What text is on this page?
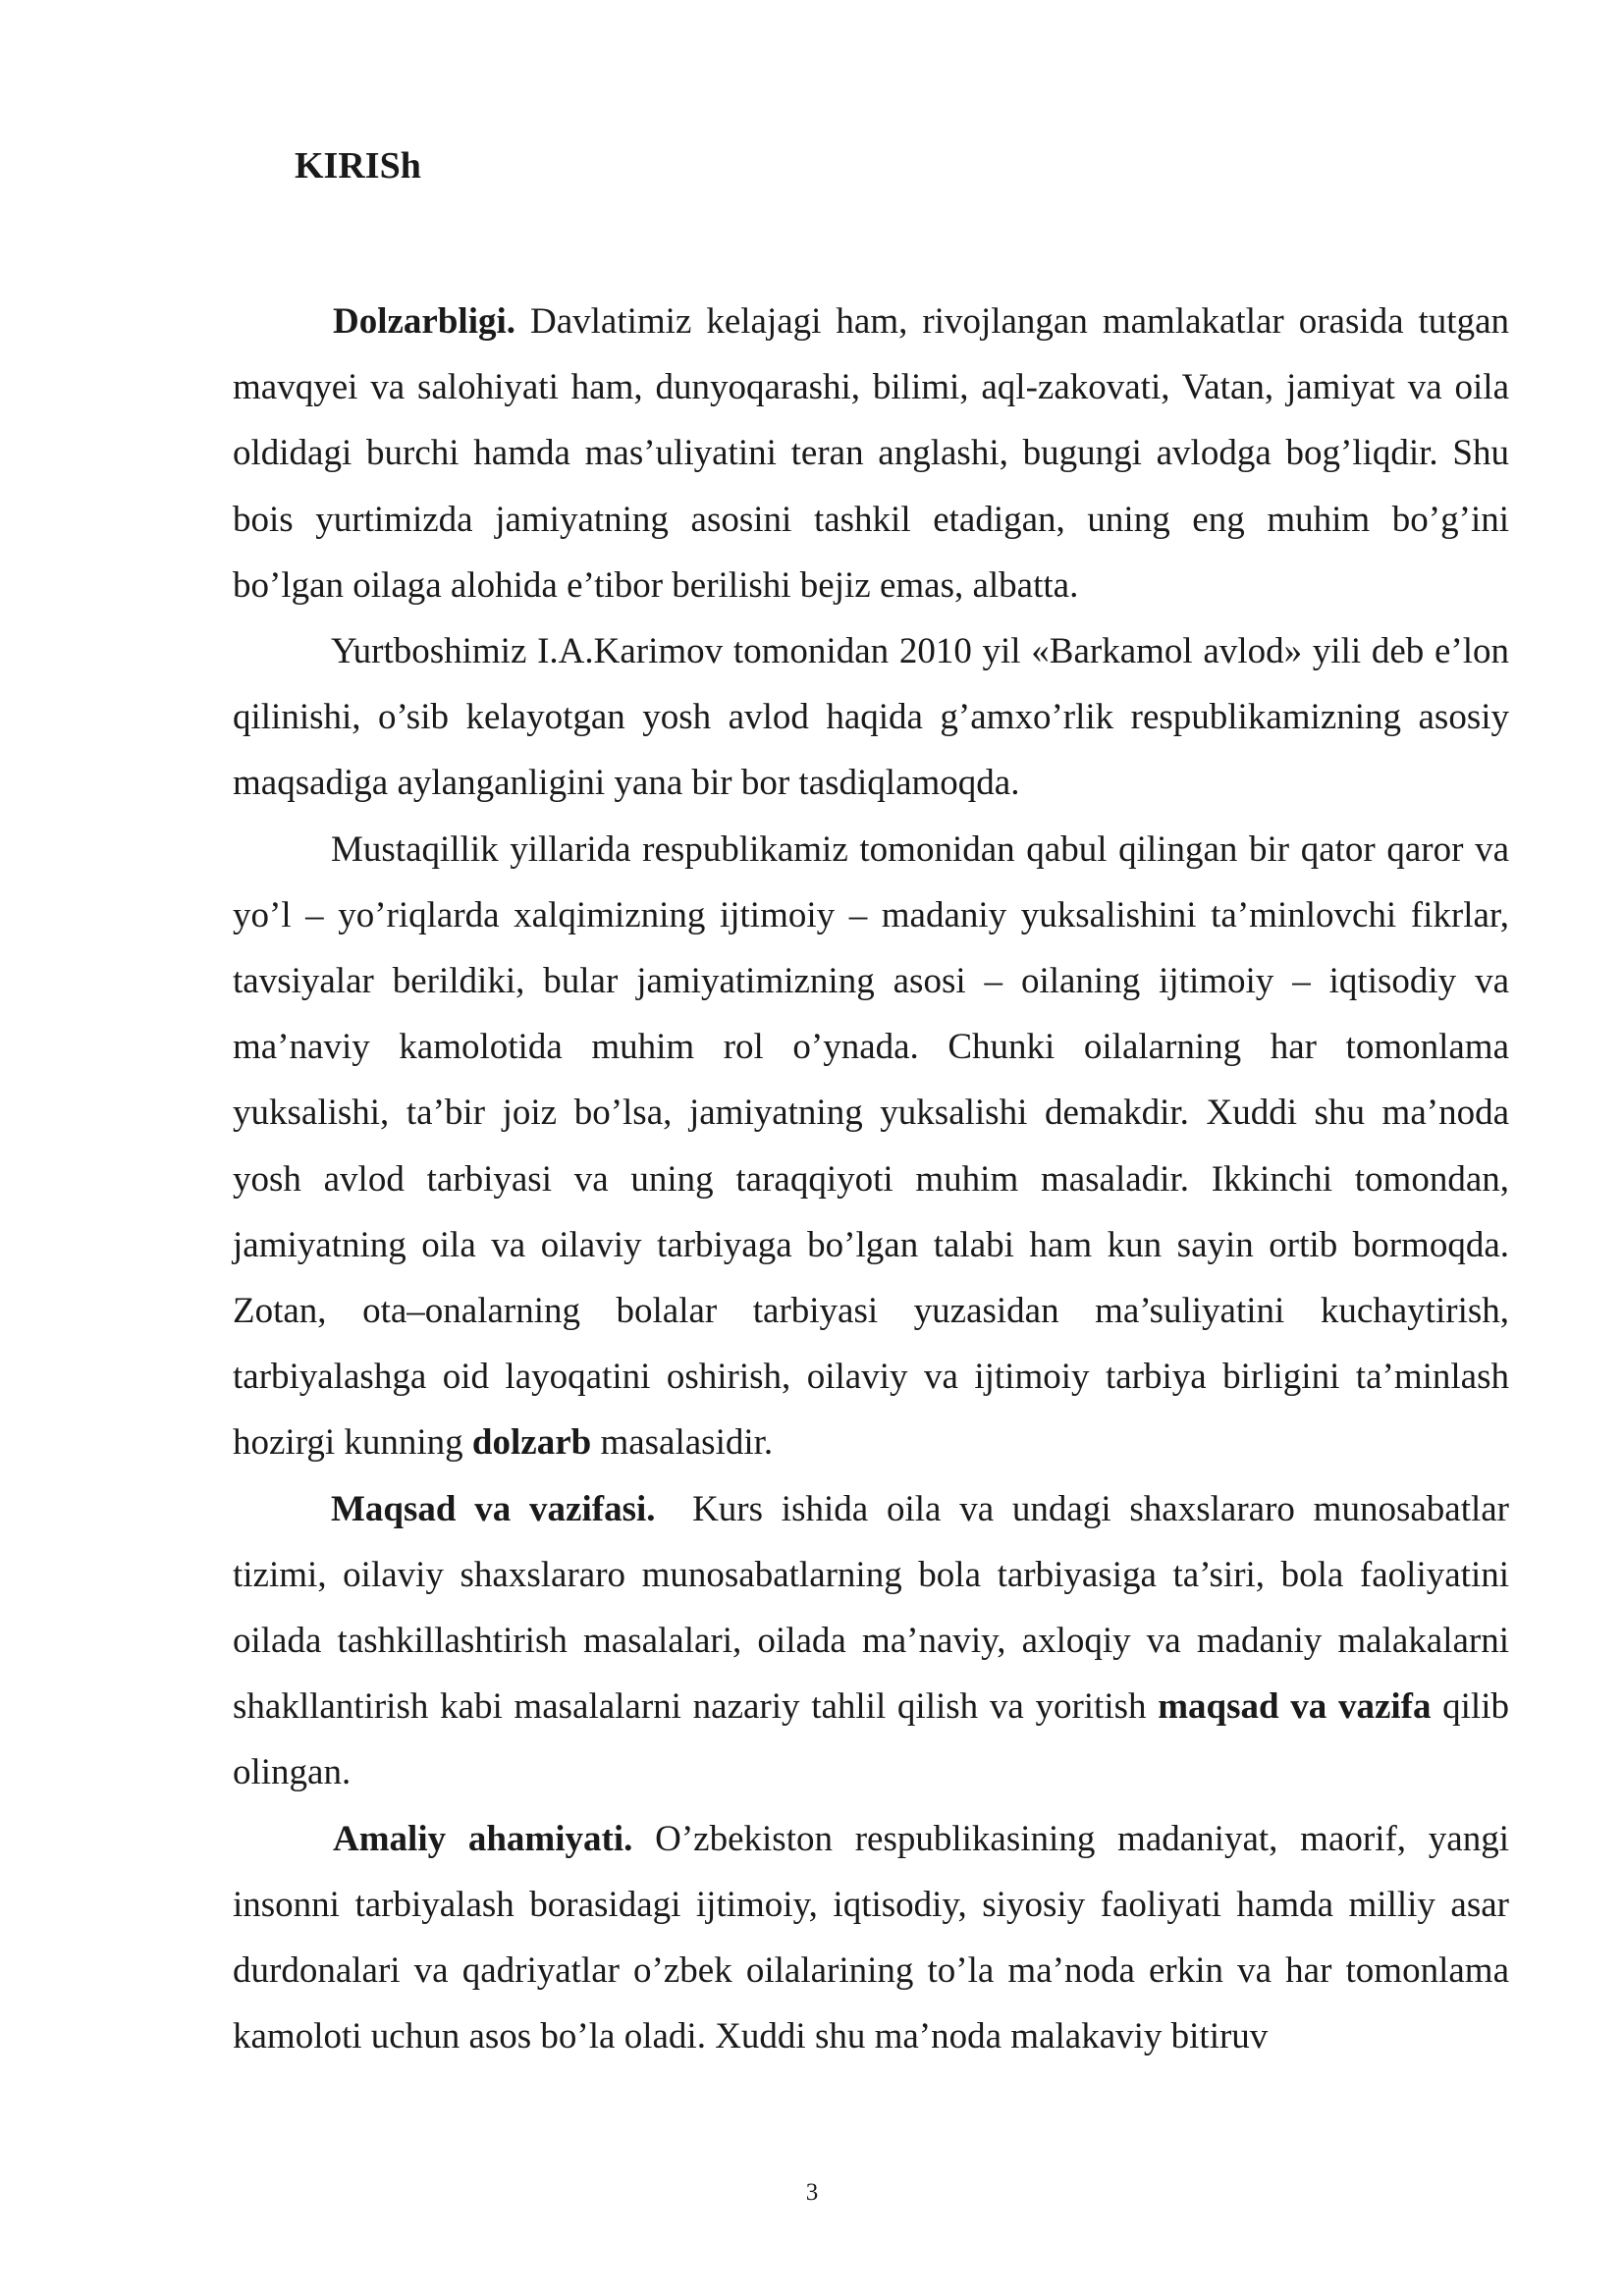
KIRISh

Dolzarbligi. Davlatimiz kelajagi ham, rivojlangan mamlakatlar orasida tutgan mavqyei va salohiyati ham, dunyoqarashi, bilimi, aql-zakovati, Vatan, jamiyat va oila oldidagi burchi hamda mas’uliyatini teran anglashi, bugungi avlodga bog’liqdir. Shu bois yurtimizda jamiyatning asosini tashkil etadigan, uning eng muhim bo’g’ini bo’lgan oilaga alohida e’tibor berilishi bejiz emas, albatta.

Yurtboshimiz I.A.Karimov tomonidan 2010 yil «Barkamol avlod» yili deb e’lon qilinishi, o’sib kelayotgan yosh avlod haqida g’amxo’rlik respublikamizning asosiy maqsadiga aylanganligini yana bir bor tasdiqlamoqda.

Mustaqillik yillarida respublikamiz tomonidan qabul qilingan bir qator qaror va yo’l – yo’riqlarda xalqimizning ijtimoiy – madaniy yuksalishini ta’minlovchi fikrlar, tavsiyalar berildiki, bular jamiyatimizning asosi – oilaning ijtimoiy – iqtisodiy va ma’naviy kamolotida muhim rol o’ynada. Chunki oilalarning har tomonlama yuksalishi, ta’bir joiz bo’lsa, jamiyatning yuksalishi demakdir. Xuddi shu ma’noda yosh avlod tarbiyasi va uning taraqqiyoti muhim masaladir. Ikkinchi tomondan, jamiyatning oila va oilaviy tarbiyaga bo’lgan talabi ham kun sayin ortib bormoqda. Zotan, ota–onalarning bolalar tarbiyasi yuzasidan ma’suliyatini kuchaytirish, tarbiyalashga oid layoqatini oshirish, oilaviy va ijtimoiy tarbiya birligini ta’minlash hozirgi kunning dolzarb masalasidir.

Maqsad va vazifasi.  Kurs ishida oila va undagi shaxslararo munosabatlar tizimi, oilaviy shaxslararo munosabatlarning bola tarbiyasiga ta’siri, bola faoliyatini oilada tashkillashtirish masalalari, oilada ma’naviy, axloqiy va madaniy malakalarni shakllantirish kabi masalalarni nazariy tahlil qilish va yoritish maqsad va vazifa qilib olingan.

Amaliy ahamiyati. O’zbekiston respublikasining madaniyat, maorif, yangi insonni tarbiyalash borasidagi ijtimoiy, iqtisodiy, siyosiy faoliyati hamda milliy asar durdonalari va qadriyatlar o’zbek oilalarining to’la ma’noda erkin va har tomonlama kamoloti uchun asos bo’la oladi. Xuddi shu ma’noda malakaviy bitiruv

3
